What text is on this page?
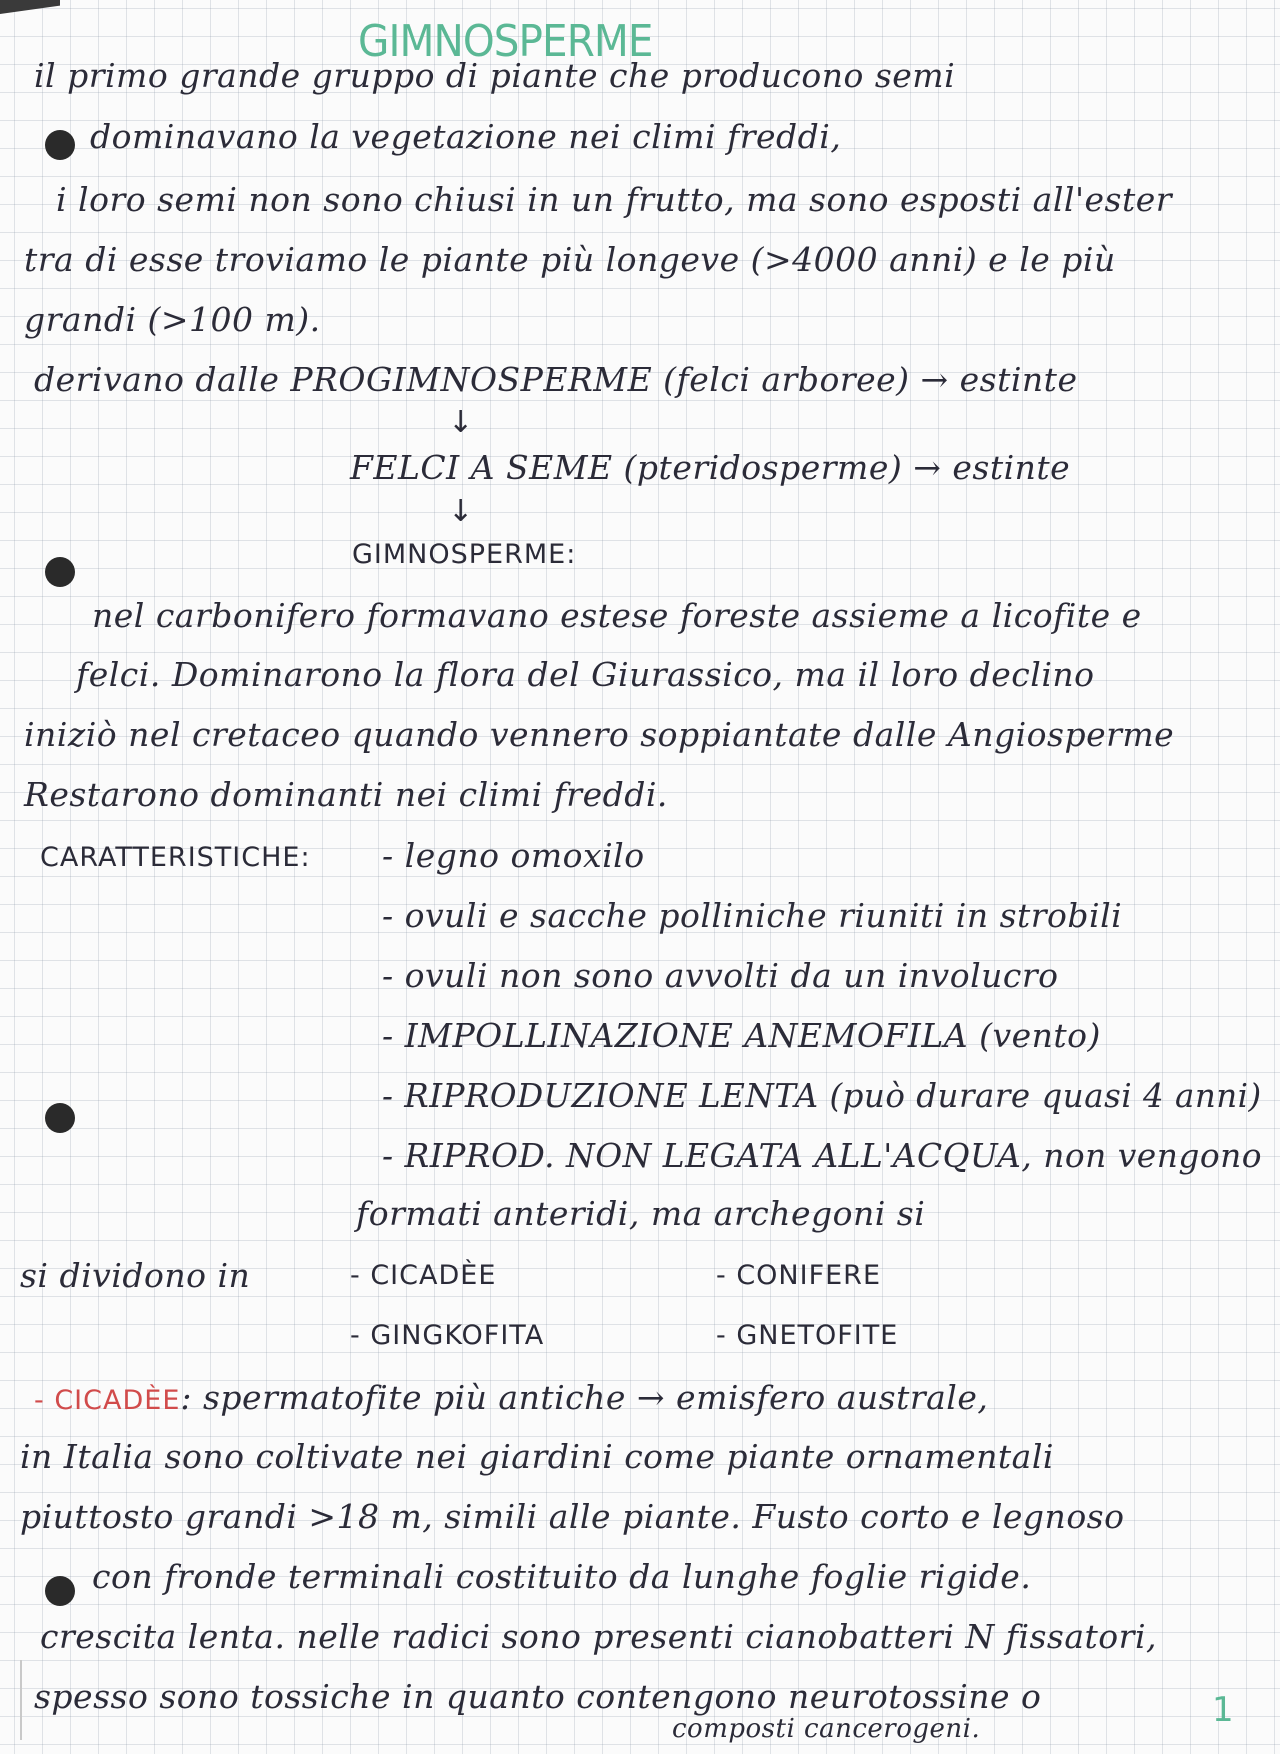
GIMNOSPERME
il primo grande gruppo di piante che producono semi
dominavano la vegetazione nei climi freddi,
i loro semi non sono chiusi in un frutto, ma sono esposti all'ester
tra di esse troviamo le piante più longeve (>4000 anni) e le più
grandi (>100 m).
derivano dalle PROGIMNOSPERME (felci arboree) → estinte
↓
FELCI A SEME (pteridosperme) → estinte
↓
GIMNOSPERME:
nel carbonifero formavano estese foreste assieme a licofite e
felci. Dominarono la flora del Giurassico, ma il loro declino
iniziò nel cretaceo quando vennero soppiantate dalle Angiosperme
Restarono dominanti nei climi freddi.
CARATTERISTICHE: - legno omoxilo
- ovuli e sacche polliniche riuniti in strobili
- ovuli non sono avvolti da un involucro
- IMPOLLINAZIONE ANEMOFILA (vento)
- RIPRODUZIONE LENTA (può durare quasi 4 anni)
- RIPROD. NON LEGATA ALL'ACQUA, non vengono
formati anteridi, ma archegoni si
si dividono in	- CICADÈE
- GINGKOFITA
- CONIFERE
- GNETOFITE
- CICADÈE: spermatofite più antiche → emisfero australe,
in Italia sono coltivate nei giardini come piante ornamentali
piuttosto grandi >18 m, simili alle piante. Fusto corto e legnoso
con fronde terminali costituito da lunghe foglie rigide.
crescita lenta. nelle radici sono presenti cianobatteri N fissatori,
spesso sono tossiche in quanto contengono neurotossine o
composti cancerogeni.	1
